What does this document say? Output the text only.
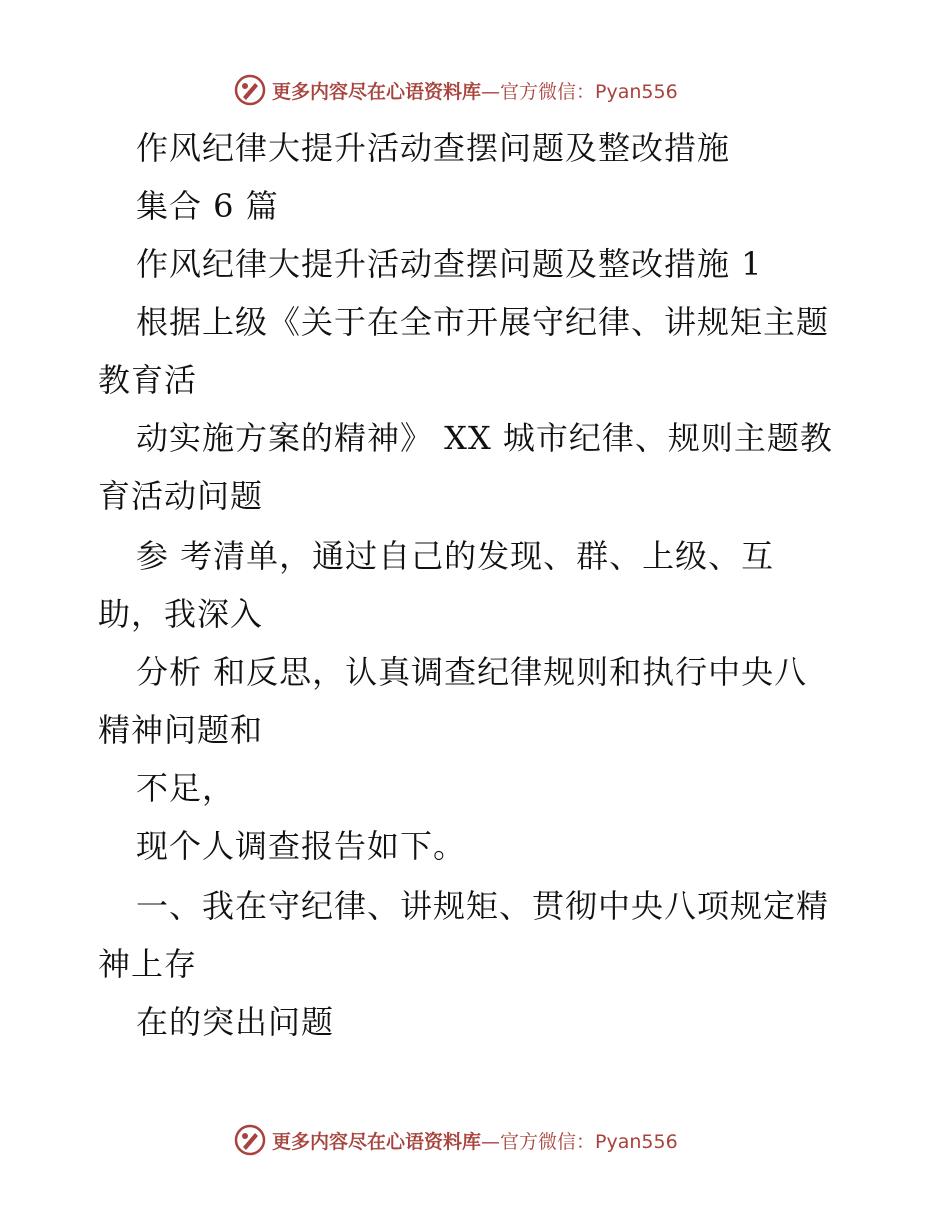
更多内容尽在心语资料库 —官方微信：Pyan556
作风纪律大提升活动查摆问题及整改措施
集合 6 篇
作风纪律大提升活动查摆问题及整改措施 1
根据上级《关于在全市开展守纪律、讲规矩主题
教育活
动实施方案的精神》 XX 城市纪律、规则主题教
育活动问题
参 考清单，通过自己的发现、群、上级、互
助，我深入
分析 和反思，认真调查纪律规则和执行中央八
精神问题和
不足，
现个人调查报告如下。
一、我在守纪律、讲规矩、贯彻中央八项规定精
神上存
在的突出问题
更多内容尽在心语资料库 —官方微信：Pyan556
